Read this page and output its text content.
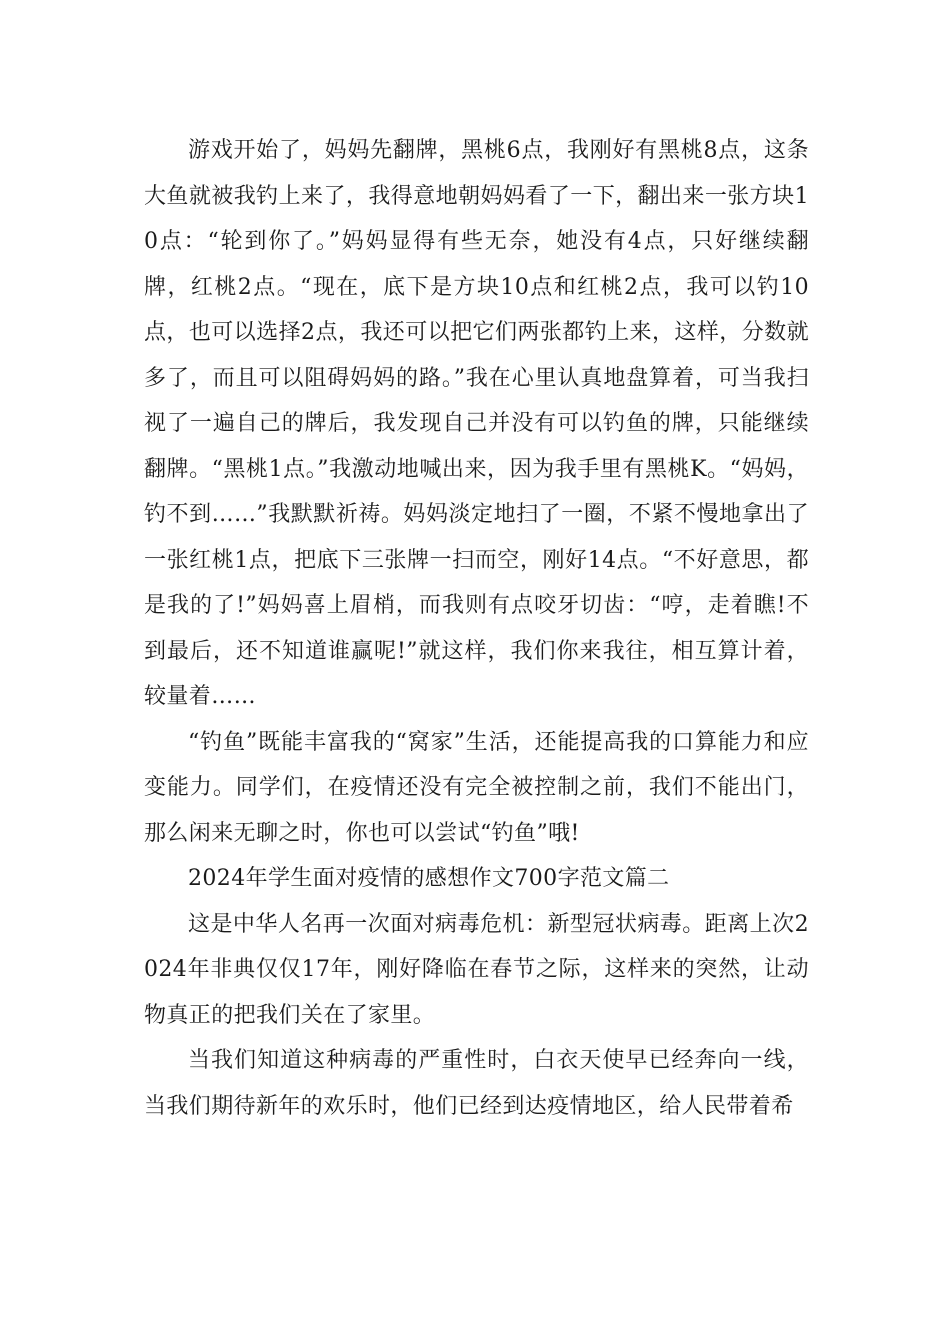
游戏开始了，妈妈先翻牌，黑桃6点，我刚好有黑桃8点，这条大鱼就被我钓上来了，我得意地朝妈妈看了一下，翻出来一张方块10点：“轮到你了。”妈妈显得有些无奈，她没有4点，只好继续翻牌，红桃2点。“现在，底下是方块10点和红桃2点，我可以钓10点，也可以选择2点，我还可以把它们两张都钓上来，这样，分数就多了，而且可以阻碍妈妈的路。”我在心里认真地盘算着，可当我扫视了一遍自己的牌后，我发现自己并没有可以钓鱼的牌，只能继续翻牌。“黑桃1点。”我激动地喊出来，因为我手里有黑桃K。“妈妈，钓不到……”我默默祈祷。妈妈淡定地扫了一圈，不紧不慢地拿出了一张红桃1点，把底下三张牌一扫而空，刚好14点。“不好意思，都是我的了!”妈妈喜上眉梢，而我则有点咬牙切齿：“哼，走着瞧!不到最后，还不知道谁赢呢!”就这样，我们你来我往，相互算计着，较量着……

“钓鱼”既能丰富我的“窝家”生活，还能提高我的口算能力和应变能力。同学们，在疫情还没有完全被控制之前，我们不能出门，那么闲来无聊之时，你也可以尝试“钓鱼”哦!

2024年学生面对疫情的感想作文700字范文篇二

这是中华人名再一次面对病毒危机：新型冠状病毒。距离上次2024年非典仅仅17年，刚好降临在春节之际，这样来的突然，让动物真正的把我们关在了家里。

当我们知道这种病毒的严重性时，白衣天使早已经奔向一线，当我们期待新年的欢乐时，他们已经到达疫情地区，给人民带着希
